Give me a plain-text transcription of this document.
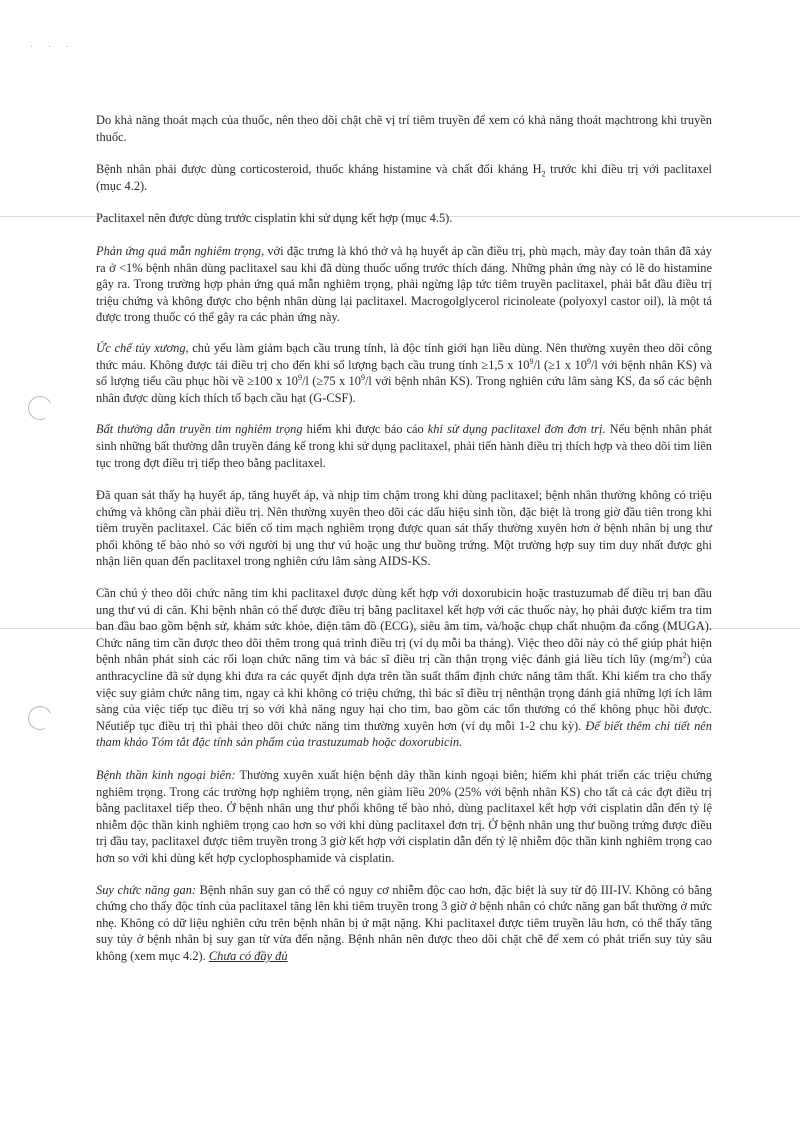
· · ·

Do khả năng thoát mạch của thuốc, nên theo dõi chặt chẽ vị trí tiêm truyền để xem có khả năng thoát mạchtrong khi truyền thuốc.

Bệnh nhân phải được dùng corticosteroid, thuốc kháng histamine và chất đối kháng $H_2$ trước khi điều trị với paclitaxel (mục 4.2).

Paclitaxel nên được dùng trước cisplatin khi sử dụng kết hợp (mục 4.5).

Phản ứng quá mẫn nghiêm trọng, với đặc trưng là khó thở và hạ huyết áp cần điều trị, phù mạch, mày đay toàn thân đã xảy ra ở <1% bệnh nhân dùng paclitaxel sau khi đã dùng thuốc uống trước thích đáng. Những phản ứng này có lẽ do histamine gây ra. Trong trường hợp phản ứng quá mẫn nghiêm trọng, phải ngừng lập tức tiêm truyền paclitaxel, phải bắt đầu điều trị triệu chứng và không được cho bệnh nhân dùng lại paclitaxel. Macrogolglycerol ricinoleate (polyoxyl castor oil), là một tá được trong thuốc có thể gây ra các phản ứng này.

Ức chế tủy xương, chủ yếu làm giảm bạch cầu trung tính, là độc tính giới hạn liều dùng. Nên thường xuyên theo dõi công thức máu. Không được tái điều trị cho đến khi số lượng bạch cầu trung tính ≥1,5 x $10^9/l$ (≥1 x $10^9/l$ với bệnh nhân KS) và số lượng tiểu cầu phục hồi về ≥100 x $10^9/l$ (≥75 x $10^9/l$ với bệnh nhân KS). Trong nghiên cứu lâm sàng KS, đa số các bệnh nhân được dùng kích thích tố bạch cầu hạt (G-CSF).

Bất thường dẫn truyền tim nghiêm trọng hiếm khi được báo cáo khi sử dụng paclitaxel đơn đơn trị. Nếu bệnh nhân phát sinh những bất thường dẫn truyền đáng kể trong khi sử dụng paclitaxel, phải tiến hành điều trị thích hợp và theo dõi tim liên tục trong đợt điều trị tiếp theo bằng paclitaxel.

Đã quan sát thấy hạ huyết áp, tăng huyết áp, và nhịp tim chậm trong khi dùng paclitaxel; bệnh nhân thường không có triệu chứng và không cần phải điều trị. Nên thường xuyên theo dõi các dấu hiệu sinh tồn, đặc biệt là trong giờ đầu tiên trong khi tiêm truyền paclitaxel. Các biến cố tim mạch nghiêm trọng được quan sát thấy thường xuyên hơn ở bệnh nhân bị ung thư phổi không tế bào nhỏ so với người bị ung thư vú hoặc ung thư buồng trứng. Một trường hợp suy tim duy nhất được ghi nhận liên quan đến paclitaxel trong nghiên cứu lâm sàng AIDS-KS.

Cần chú ý theo dõi chức năng tim khi paclitaxel được dùng kết hợp với doxorubicin hoặc trastuzumab để điều trị ban đầu ung thư vú di căn. Khi bệnh nhân có thể được điều trị bằng paclitaxel kết hợp với các thuốc này, họ phải được kiểm tra tim ban đầu bao gồm bệnh sử, khám sức khỏe, điện tâm đồ (ECG), siêu âm tim, và/hoặc chụp chất nhuộm đa cổng (MUGA). Chức năng tim cần được theo dõi thêm trong quá trình điều trị (ví dụ mỗi ba tháng). Việc theo dõi này có thể giúp phát hiện bệnh nhân phát sinh các rối loạn chức năng tim và bác sĩ điều trị cần thận trọng việc đánh giá liều tích lũy $(mg/m^2)$ của anthracycline đã sử dụng khi đưa ra các quyết định dựa trên tần suất thẩm định chức năng tâm thất. Khi kiểm tra cho thấy việc suy giảm chức năng tim, ngay cả khi không có triệu chứng, thì bác sĩ điều trị nênthận trọng đánh giá những lợi ích lâm sàng của việc tiếp tục điều trị so với khả năng nguy hại cho tim, bao gồm các tổn thương có thể không phục hồi được. Nếutiếp tục điều trị thì phải theo dõi chức năng tim thường xuyên hơn (ví dụ mỗi 1-2 chu kỳ). Để biết thêm chi tiết nên tham khảo Tóm tắt đặc tính sản phẩm của trastuzumab hoặc doxorubicin.

Bệnh thần kinh ngoại biên: Thường xuyên xuất hiện bệnh dây thần kinh ngoại biên; hiếm khi phát triển các triệu chứng nghiêm trọng. Trong các trường hợp nghiêm trọng, nên giảm liều 20% (25% với bệnh nhân KS) cho tất cả các đợt điều trị bằng paclitaxel tiếp theo. Ở bệnh nhân ung thư phổi không tế bào nhỏ, dùng paclitaxel kết hợp với cisplatin dẫn đến tỷ lệ nhiễm độc thần kinh nghiêm trọng cao hơn so với khi dùng paclitaxel đơn trị. Ở bệnh nhân ung thư buồng trứng được điều trị đầu tay, paclitaxel được tiêm truyền trong 3 giờ kết hợp với cisplatin dẫn đến tỷ lệ nhiễm độc thần kinh nghiêm trọng cao hơn so với khi dùng kết hợp cyclophosphamide và cisplatin.

Suy chức năng gan: Bệnh nhân suy gan có thể có nguy cơ nhiễm độc cao hơn, đặc biệt là suy từ độ III-IV. Không có bằng chứng cho thấy độc tính của paclitaxel tăng lên khi tiêm truyền trong 3 giờ ở bệnh nhân có chức năng gan bất thường ở mức nhẹ. Không có dữ liệu nghiên cứu trên bệnh nhân bị ứ mật nặng. Khi paclitaxel được tiêm truyền lâu hơn, có thể thấy tăng suy tủy ở bệnh nhân bị suy gan từ vừa đến nặng. Bệnh nhân nên được theo dõi chặt chẽ để xem có phát triển suy tủy sâu không (xem mục 4.2). Chưa có đầy đủ
